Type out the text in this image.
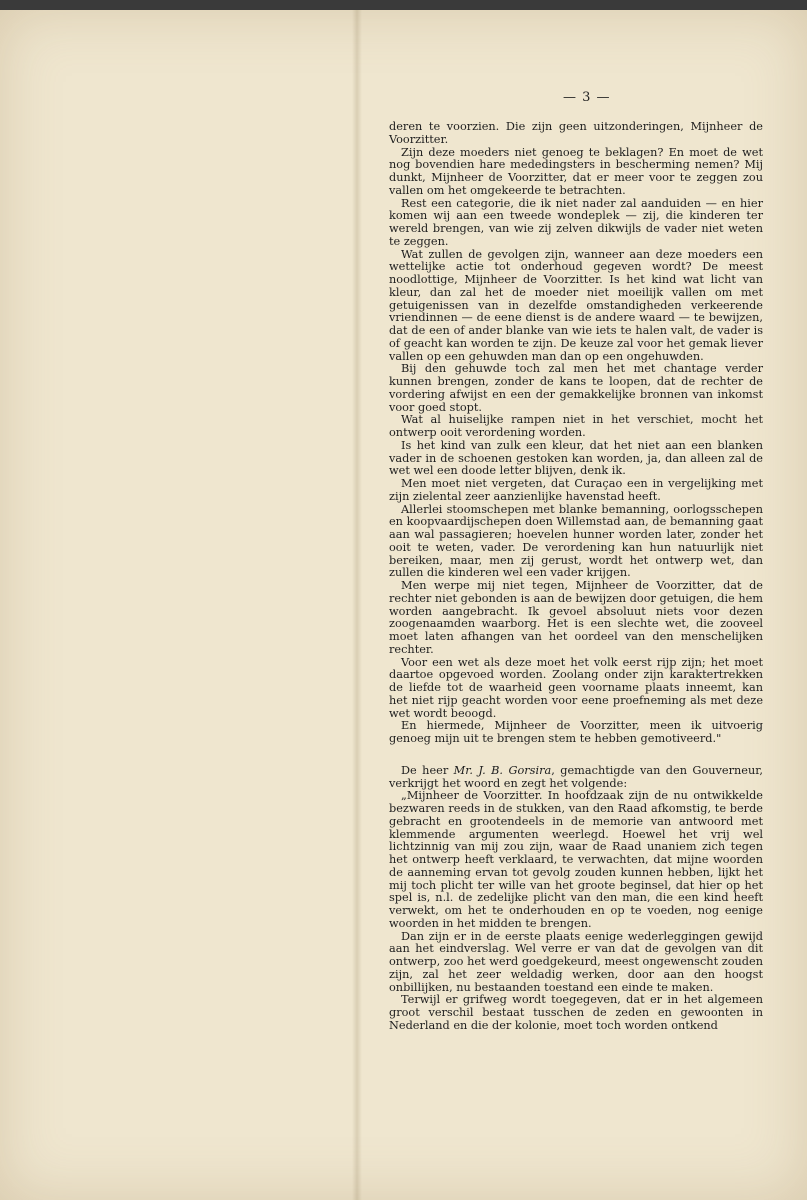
— 3 —

deren te voorzien. Die zijn geen uitzonderingen, Mijnheer de Voorzitter.

Zijn deze moeders niet genoeg te beklagen? En moet de wet nog bovendien hare mededingsters in bescherming nemen? Mij dunkt, Mijnheer de Voorzitter, dat er meer voor te zeggen zou vallen om het omgekeerde te betrachten.

Rest een categorie, die ik niet nader zal aanduiden — en hier komen wij aan een tweede wondeplek — zij, die kinderen ter wereld brengen, van wie zij zelven dikwijls de vader niet weten te zeggen.

Wat zullen de gevolgen zijn, wanneer aan deze moeders een wettelijke actie tot onderhoud gegeven wordt? De meest noodlottige, Mijnheer de Voorzitter. Is het kind wat licht van kleur, dan zal het de moeder niet moeilijk vallen om met getuigenissen van in dezelfde omstandigheden verkeerende vriendinnen — de eene dienst is de andere waard — te bewijzen, dat de een of ander blanke van wie iets te halen valt, de vader is of geacht kan worden te zijn. De keuze zal voor het gemak liever vallen op een gehuwden man dan op een ongehuwden.

Bij den gehuwde toch zal men het met chantage verder kunnen brengen, zonder de kans te loopen, dat de rechter de vordering afwijst en een der gemakkelijke bronnen van inkomst voor goed stopt.

Wat al huiselijke rampen niet in het verschiet, mocht het ontwerp ooit verordening worden.

Is het kind van zulk een kleur, dat het niet aan een blanken vader in de schoenen gestoken kan worden, ja, dan alleen zal de wet wel een doode letter blijven, denk ik.

Men moet niet vergeten, dat Curaçao een in vergelijking met zijn zielental zeer aanzienlijke havenstad heeft.

Allerlei stoomschepen met blanke bemanning, oorlogsschepen en koopvaardijschepen doen Willemstad aan, de bemanning gaat aan wal passagieren; hoevelen hunner worden later, zonder het ooit te weten, vader. De verordening kan hun natuurlijk niet bereiken, maar, men zij gerust, wordt het ontwerp wet, dan zullen die kinderen wel een vader krijgen.

Men werpe mij niet tegen, Mijnheer de Voorzitter, dat de rechter niet gebonden is aan de bewijzen door getuigen, die hem worden aangebracht. Ik gevoel absoluut niets voor dezen zoogenaamden waarborg. Het is een slechte wet, die zooveel moet laten afhangen van het oordeel van den menschelijken rechter.

Voor een wet als deze moet het volk eerst rijp zijn; het moet daartoe opgevoed worden. Zoolang onder zijn karaktertrekken de liefde tot de waarheid geen voorname plaats inneemt, kan het niet rijp geacht worden voor eene proefneming als met deze wet wordt beoogd.

En hiermede, Mijnheer de Voorzitter, meen ik uitvoerig genoeg mijn uit te brengen stem te hebben gemotiveerd."

De heer Mr. J. B. Gorsira, gemachtigde van den Gouverneur, verkrijgt het woord en zegt het volgende:

„Mijnheer de Voorzitter. In hoofdzaak zijn de nu ontwikkelde bezwaren reeds in de stukken, van den Raad afkomstig, te berde gebracht en grootendeels in de memorie van antwoord met klemmende argumenten weerlegd. Hoewel het vrij wel lichtzinnig van mij zou zijn, waar de Raad unaniem zich tegen het ontwerp heeft verklaard, te verwachten, dat mijne woorden de aanneming ervan tot gevolg zouden kunnen hebben, lijkt het mij toch plicht ter wille van het groote beginsel, dat hier op het spel is, n.l. de zedelijke plicht van den man, die een kind heeft verwekt, om het te onderhouden en op te voeden, nog eenige woorden in het midden te brengen.

Dan zijn er in de eerste plaats eenige wederleggingen gewijd aan het eindverslag. Wel verre er van dat de gevolgen van dit ontwerp, zoo het werd goedgekeurd, meest ongewenscht zouden zijn, zal het zeer weldadig werken, door aan den hoogst onbillijken, nu bestaanden toestand een einde te maken.

Terwijl er grifweg wordt toegegeven, dat er in het algemeen groot verschil bestaat tusschen de zeden en gewoonten in Nederland en die der kolonie, moet toch worden ontkend
